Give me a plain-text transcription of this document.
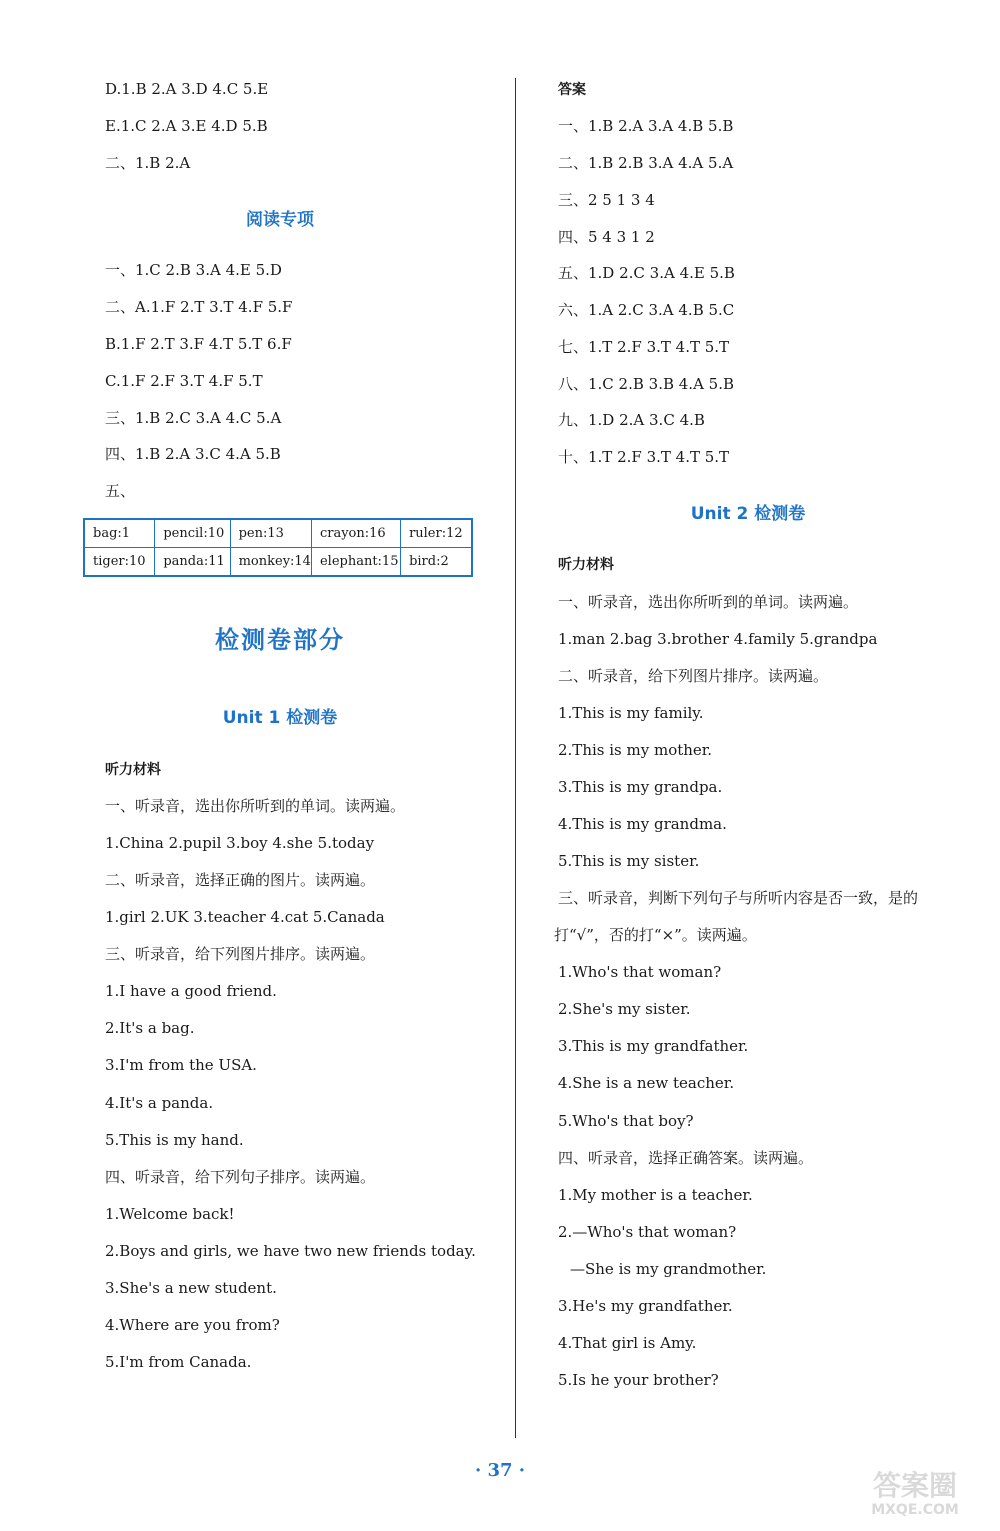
D.1.B 2.A 3.D 4.C 5.E
E.1.C 2.A 3.E 4.D 5.B
二、1.B 2.A
阅读专项
一、1.C 2.B 3.A 4.E 5.D
二、A.1.F 2.T 3.T 4.F 5.F
B.1.F 2.T 3.F 4.T 5.T 6.F
C.1.F 2.F 3.T 4.F 5.T
三、1.B 2.C 3.A 4.C 5.A
四、1.B 2.A 3.C 4.A 5.B
五、
bag:1	pencil:10	pen:13	crayon:16	ruler:12
tiger:10	panda:11	monkey:14	elephant:15	bird:2
检测卷部分
Unit 1 检测卷
听力材料
一、听录音，选出你所听到的单词。读两遍。
1.China 2.pupil 3.boy 4.she 5.today
二、听录音，选择正确的图片。读两遍。
1.girl 2.UK 3.teacher 4.cat 5.Canada
三、听录音，给下列图片排序。读两遍。
1.I have a good friend.
2.It's a bag.
3.I'm from the USA.
4.It's a panda.
5.This is my hand.
四、听录音，给下列句子排序。读两遍。
1.Welcome back!
2.Boys and girls, we have two new friends today.
3.She's a new student.
4.Where are you from?
5.I'm from Canada.
答案
一、1.B 2.A 3.A 4.B 5.B
二、1.B 2.B 3.A 4.A 5.A
三、2 5 1 3 4
四、5 4 3 1 2
五、1.D 2.C 3.A 4.E 5.B
六、1.A 2.C 3.A 4.B 5.C
七、1.T 2.F 3.T 4.T 5.T
八、1.C 2.B 3.B 4.A 5.B
九、1.D 2.A 3.C 4.B
十、1.T 2.F 3.T 4.T 5.T
Unit 2 检测卷
听力材料
一、听录音，选出你所听到的单词。读两遍。
1.man 2.bag 3.brother 4.family 5.grandpa
二、听录音，给下列图片排序。读两遍。
1.This is my family.
2.This is my mother.
3.This is my grandpa.
4.This is my grandma.
5.This is my sister.
三、听录音，判断下列句子与所听内容是否一致，是的
打“√”，否的打“×”。读两遍。
1.Who's that woman?
2.She's my sister.
3.This is my grandfather.
4.She is a new teacher.
5.Who's that boy?
四、听录音，选择正确答案。读两遍。
1.My mother is a teacher.
2.—Who's that woman?
—She is my grandmother.
3.He's my grandfather.
4.That girl is Amy.
5.Is he your brother?
· 37 ·	答案圈
MXQE.COM
